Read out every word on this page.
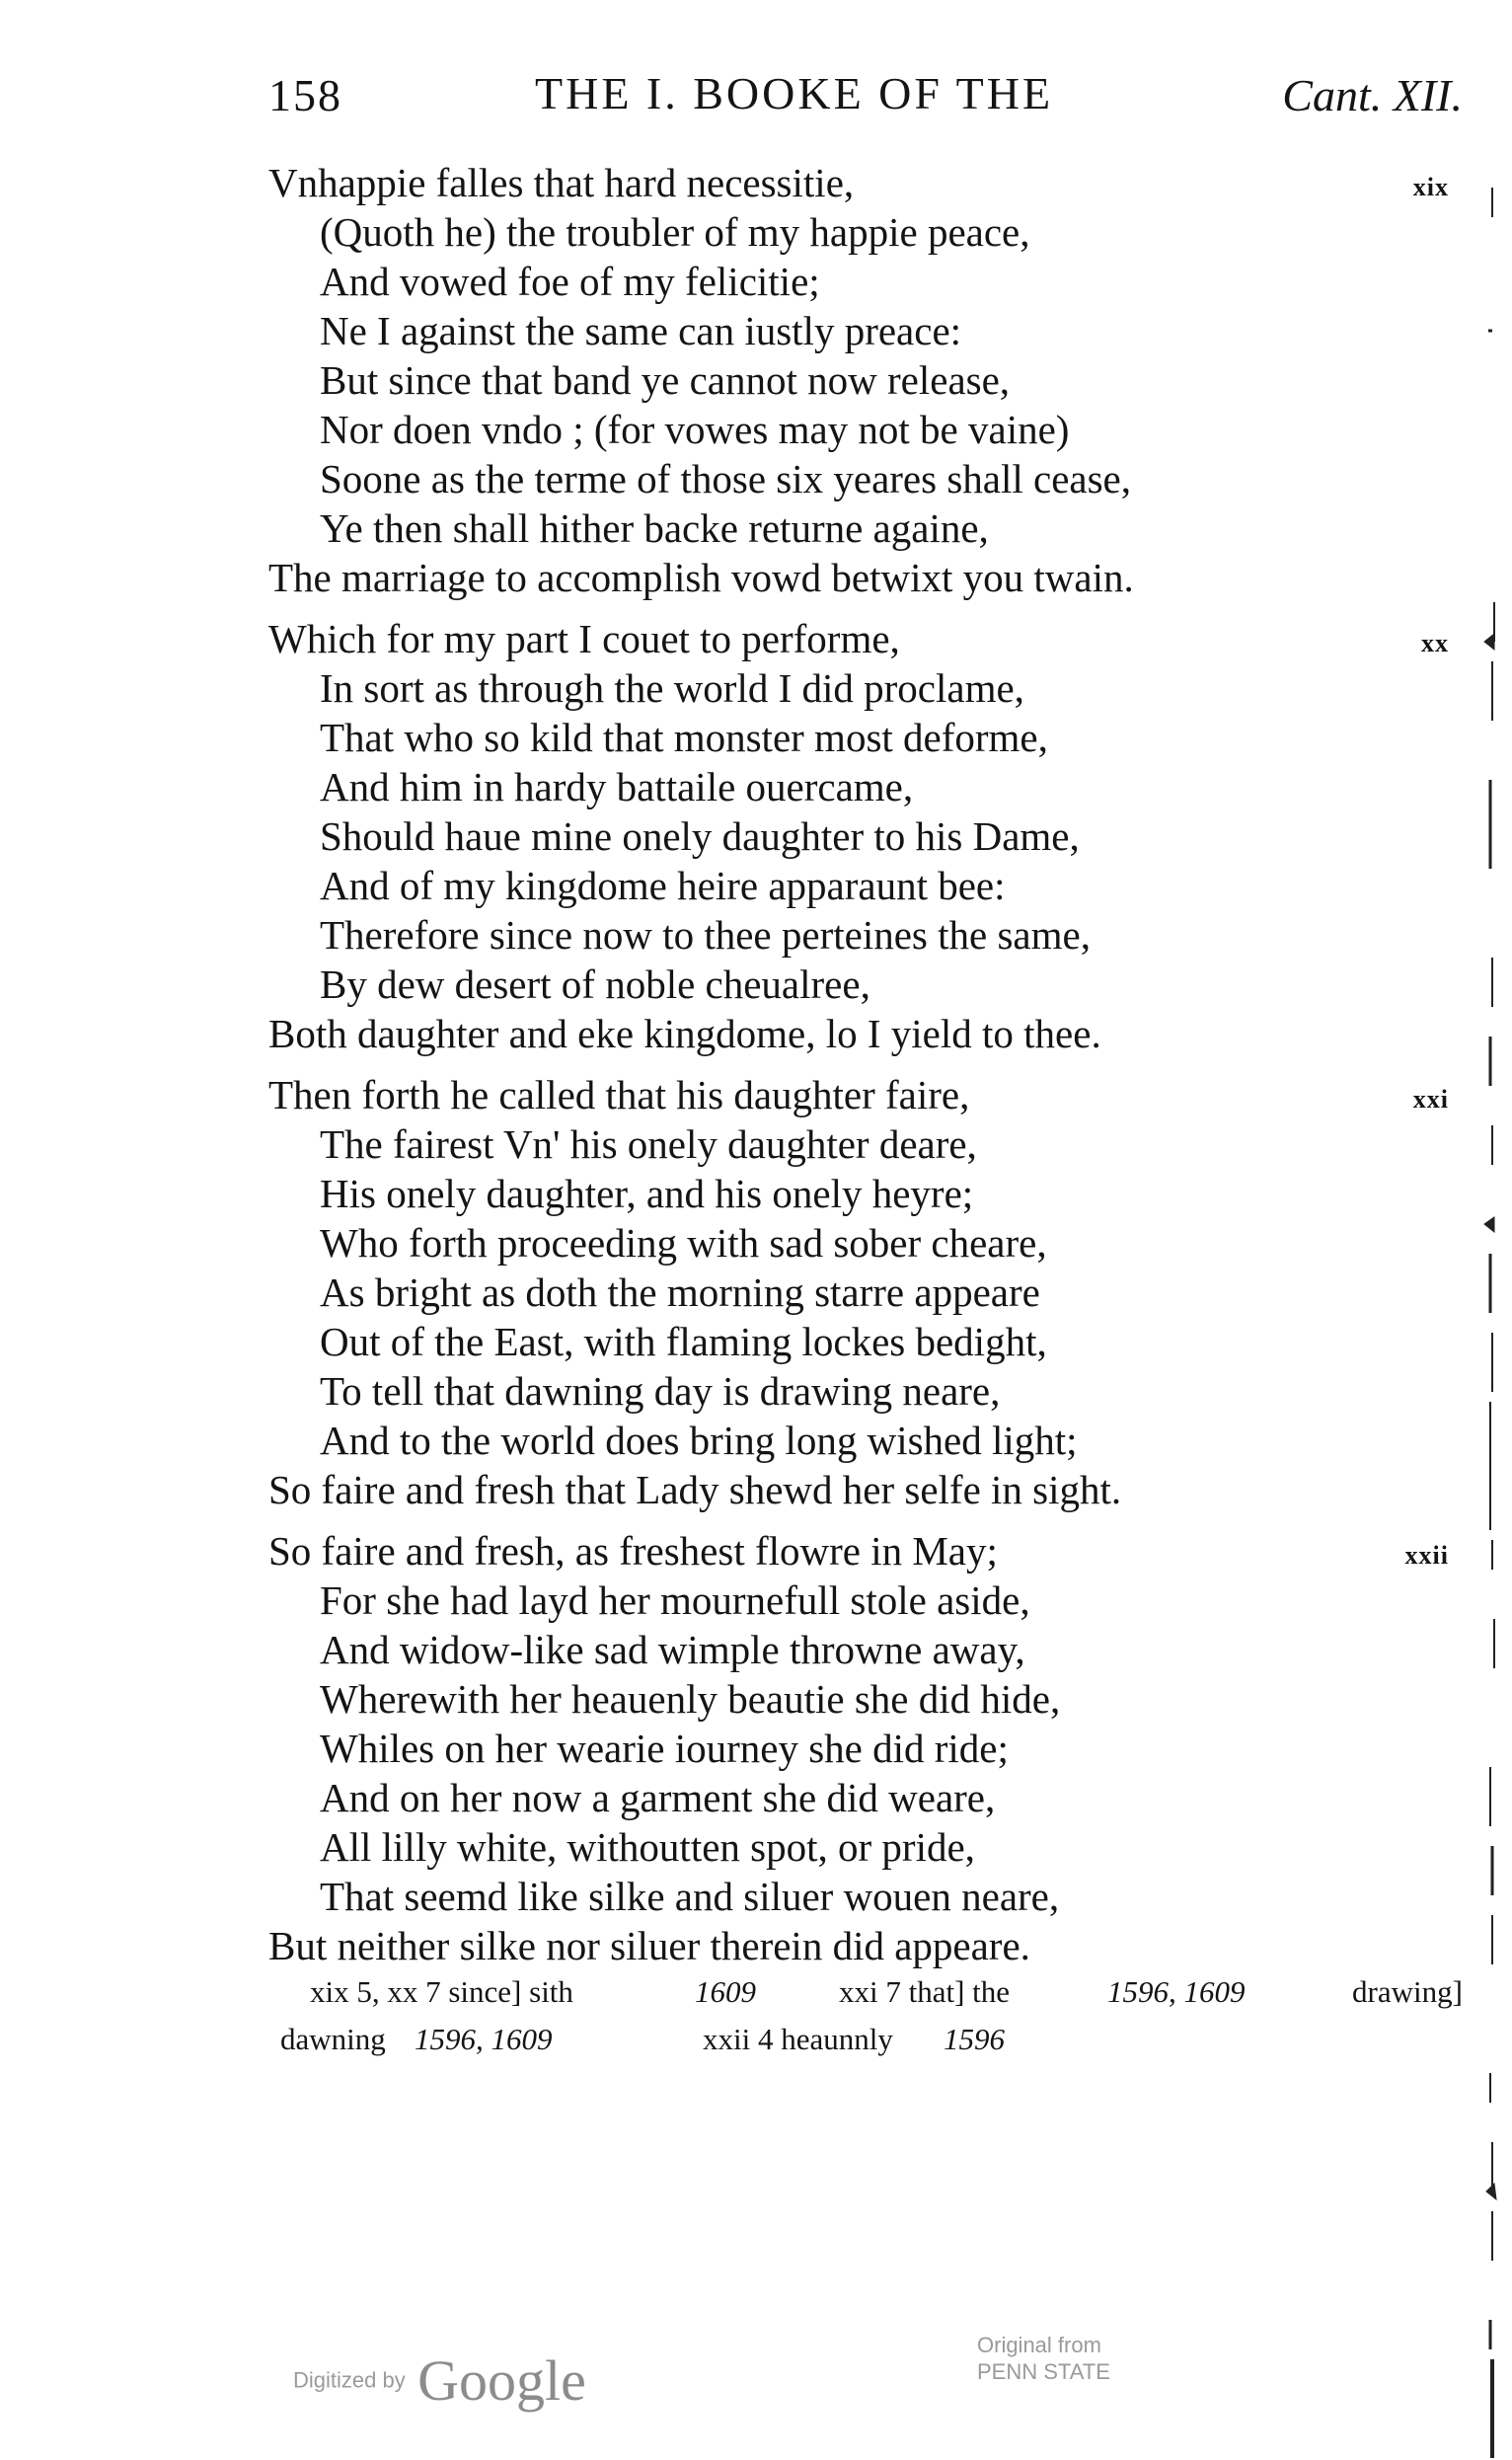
158	THE I. BOOKE OF THE	Cant. XII.
xix
Vnhappie falles that hard necessitie,
(Quoth he) the troubler of my happie peace,
And vowed foe of my felicitie;
Ne I against the same can iustly preace:
But since that band ye cannot now release,
Nor doen vndo ; (for vowes may not be vaine)
Soone as the terme of those six yeares shall cease,
Ye then shall hither backe returne againe,
The marriage to accomplish vowd betwixt you twain.
xx
Which for my part I couet to performe,
In sort as through the world I did proclame,
That who so kild that monster most deforme,
And him in hardy battaile ouercame,
Should haue mine onely daughter to his Dame,
And of my kingdome heire apparaunt bee:
Therefore since now to thee perteines the same,
By dew desert of noble cheualree,
Both daughter and eke kingdome, lo I yield to thee.
xxi
Then forth he called that his daughter faire,
The fairest Vn' his onely daughter deare,
His onely daughter, and his onely heyre;
Who forth proceeding with sad sober cheare,
As bright as doth the morning starre appeare
Out of the East, with flaming lockes bedight,
To tell that dawning day is drawing neare,
And to the world does bring long wished light;
So faire and fresh that Lady shewd her selfe in sight.
xxii
So faire and fresh, as freshest flowre in May;
For she had layd her mournefull stole aside,
And widow-like sad wimple throwne away,
Wherewith her heauenly beautie she did hide,
Whiles on her wearie iourney she did ride;
And on her now a garment she did weare,
All lilly white, withoutten spot, or pride,
That seemd like silke and siluer wouen neare,
But neither silke nor siluer therein did appeare.
xix 5, xx 7 since] sith	1609	xxi 7 that] the	1596, 1609	drawing]
dawning 1596, 1609	xxii 4 heaunnly 1596
Digitized by Google
Original from
PENN STATE
